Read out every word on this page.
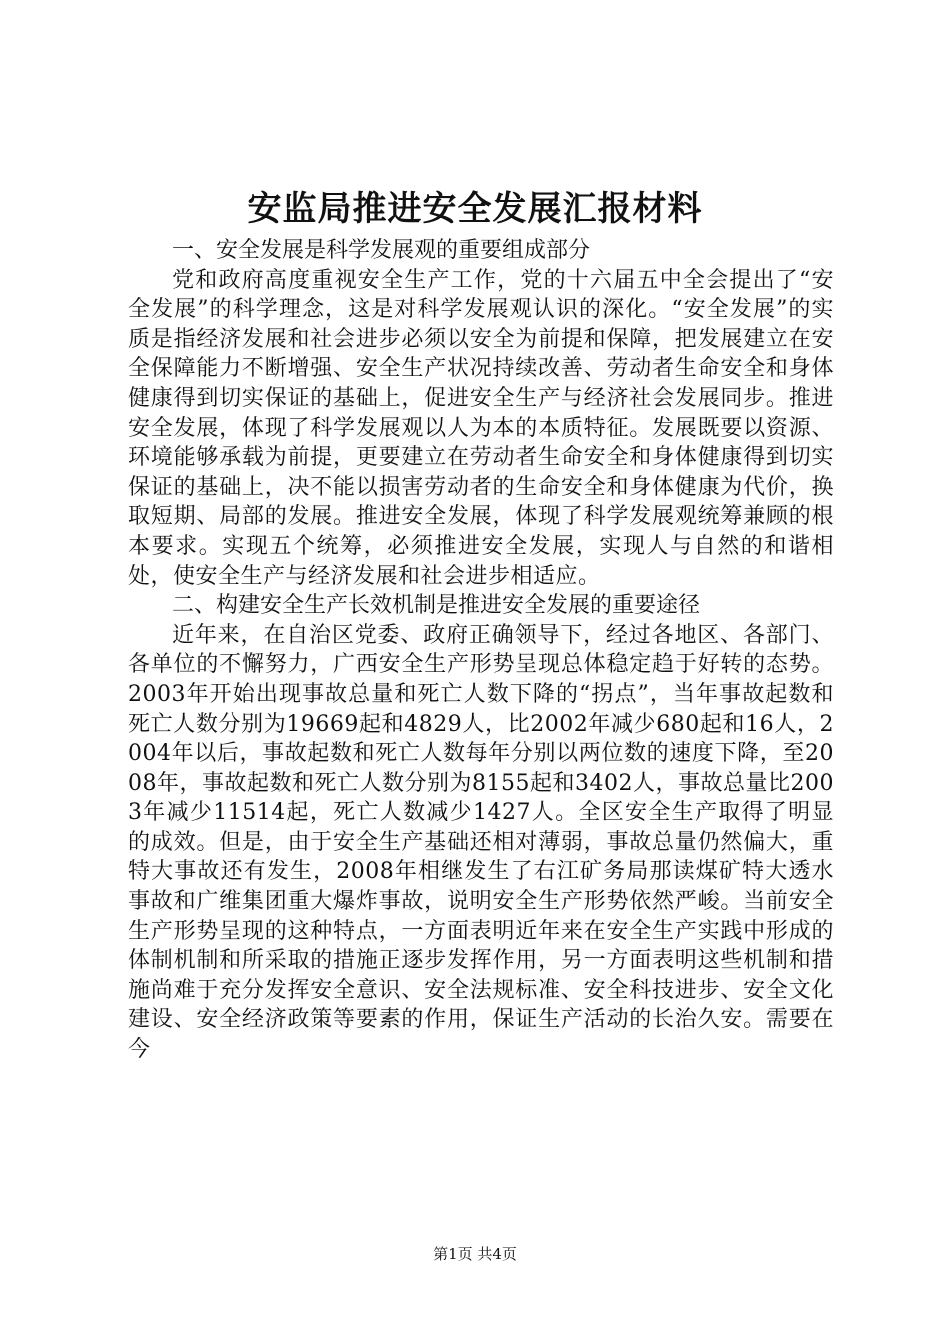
安监局推进安全发展汇报材料

一、安全发展是科学发展观的重要组成部分

党和政府高度重视安全生产工作，党的十六届五中全会提出了“安全发展”的科学理念，这是对科学发展观认识的深化。“安全发展”的实质是指经济发展和社会进步必须以安全为前提和保障，把发展建立在安全保障能力不断增强、安全生产状况持续改善、劳动者生命安全和身体健康得到切实保证的基础上，促进安全生产与经济社会发展同步。推进安全发展，体现了科学发展观以人为本的本质特征。发展既要以资源、环境能够承载为前提，更要建立在劳动者生命安全和身体健康得到切实保证的基础上，决不能以损害劳动者的生命安全和身体健康为代价，换取短期、局部的发展。推进安全发展，体现了科学发展观统筹兼顾的根本要求。实现五个统筹，必须推进安全发展，实现人与自然的和谐相处，使安全生产与经济发展和社会进步相适应。

二、构建安全生产长效机制是推进安全发展的重要途径

近年来，在自治区党委、政府正确领导下，经过各地区、各部门、各单位的不懈努力，广西安全生产形势呈现总体稳定趋于好转的态势。2003年开始出现事故总量和死亡人数下降的“拐点”，当年事故起数和死亡人数分别为19669起和4829人，比2002年减少680起和16人，2004年以后，事故起数和死亡人数每年分别以两位数的速度下降，至2008年，事故起数和死亡人数分别为8155起和3402人，事故总量比2003年减少11514起，死亡人数减少1427人。全区安全生产取得了明显的成效。但是，由于安全生产基础还相对薄弱，事故总量仍然偏大，重特大事故还有发生，2008年相继发生了右江矿务局那读煤矿特大透水事故和广维集团重大爆炸事故，说明安全生产形势依然严峻。当前安全生产形势呈现的这种特点，一方面表明近年来在安全生产实践中形成的体制机制和所采取的措施正逐步发挥作用，另一方面表明这些机制和措施尚难于充分发挥安全意识、安全法规标准、安全科技进步、安全文化建设、安全经济政策等要素的作用，保证生产活动的长治久安。需要在今

第1页 共4页
